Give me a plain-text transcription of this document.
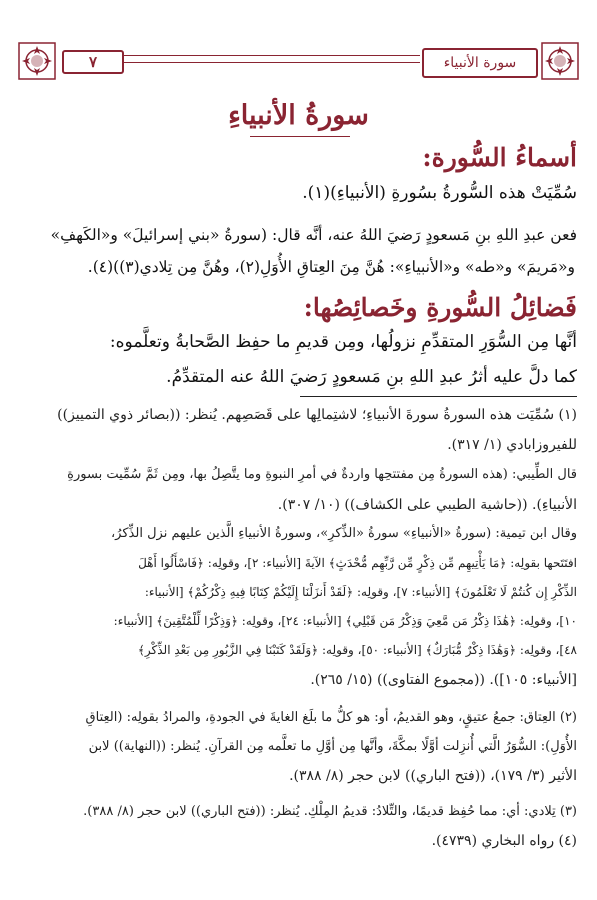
٧	سورة الأنبياء
سورةُ الأنبياءِ
أسماءُ السُّورة:
سُمِّيَتْ هذه السُّورةُ بسُورةِ (الأنبياءِ)(١).
فعن عبدِ اللهِ بنِ مَسعودٍ رَضيَ اللهُ عنه، أنَّه قال: (سورةُ «بني إسرائيلَ» و«الكَهفِ»
و«مَريمَ» و«طه» و«الأنبياءِ»: هُنَّ مِنَ العِتاقِ الأُوَلِ(٢)، وهُنَّ مِن تِلادي(٣))(٤).
فَضائِلُ السُّورةِ وخَصائِصُها:
أنَّها مِن السُّوَرِ المتقدِّمِ نزولُها، ومِن قديمِ ما حفِظ الصَّحابةُ وتعلَّموه:
كما دلَّ عليه أثرُ عبدِ اللهِ بنِ مَسعودٍ رَضيَ اللهُ عنه المتقدِّمُ.
(١) سُمِّيَت هذه السورةُ سورةَ الأنبياءِ؛ لاشتِمالِها على قَصَصِهم. يُنظر: ((بصائر ذوي التمييز))
للفيروزابادي (١/ ٣١٧).
قال الطِّيبي: (هذه السورةُ مِن مفتتحِها واردةٌ في أمرِ النبوةِ وما يتَّصِلُ بها، ومِن ثَمَّ سُمِّيت بسورةِ
الأنبياءِ). ((حاشية الطيبي على الكشاف)) (١٠/ ٣٠٧).
وقال ابن تيمية: (سورةُ «الأنبياءِ» سورةُ «الذِّكرِ»، وسورةُ الأنبياءِ الَّذين عليهم نزل الذِّكرُ،
افتَتَحها بقولِه: ﴿مَا يَأْتِيهِم مِّن ذِكْرٍ مِّن رَّبِّهِم مُّحْدَثٍ﴾ الآيةَ [الأنبياء: ٢]، وقولِه: ﴿فَاسْأَلُوا أَهْلَ
الذِّكْرِ إِن كُنتُمْ لَا تَعْلَمُونَ﴾ [الأنبياء: ٧]، وقولِه: ﴿لَقَدْ أَنزَلْنَا إِلَيْكُمْ كِتَابًا فِيهِ ذِكْرُكُمْ﴾ [الأنبياء:
١٠]، وقولِه: ﴿هَٰذَا ذِكْرُ مَن مَّعِيَ وَذِكْرُ مَن قَبْلِي﴾ [الأنبياء: ٢٤]، وقولِه: ﴿وَذِكْرًا لِّلْمُتَّقِينَ﴾ [الأنبياء:
٤٨]، وقولِه: ﴿وَهَٰذَا ذِكْرٌ مُّبَارَكٌ﴾ [الأنبياء: ٥٠]، وقولِه: ﴿وَلَقَدْ كَتَبْنَا فِي الزَّبُورِ مِن بَعْدِ الذِّكْرِ﴾
[الأنبياء: ١٠٥]). ((مجموع الفتاوى)) (١٥/ ٢٦٥).
(٢) العِتاق: جمعُ عتيقٍ، وهو القديمُ، أو: هو كلُّ ما بلَغ الغايةَ في الجودةِ، والمرادُ بقولِه: (العِتاقِ
الأُوَلِ): السُّوَرُ الَّتي أُنزِلت أوَّلًا بمكَّةَ، وأنَّها مِن أوَّلِ ما تعلَّمه مِن القرآنِ. يُنظر: ((النهاية)) لابن
الأثير (٣/ ١٧٩)، ((فتح الباري)) لابن حجر (٨/ ٣٨٨).
(٣) تِلادي: أي: مما حُفِظ قديمًا، والتِّلادُ: قديمُ المِلْكِ. يُنظر: ((فتح الباري)) لابن حجر (٨/ ٣٨٨).
(٤) رواه البخاري (٤٧٣٩).
